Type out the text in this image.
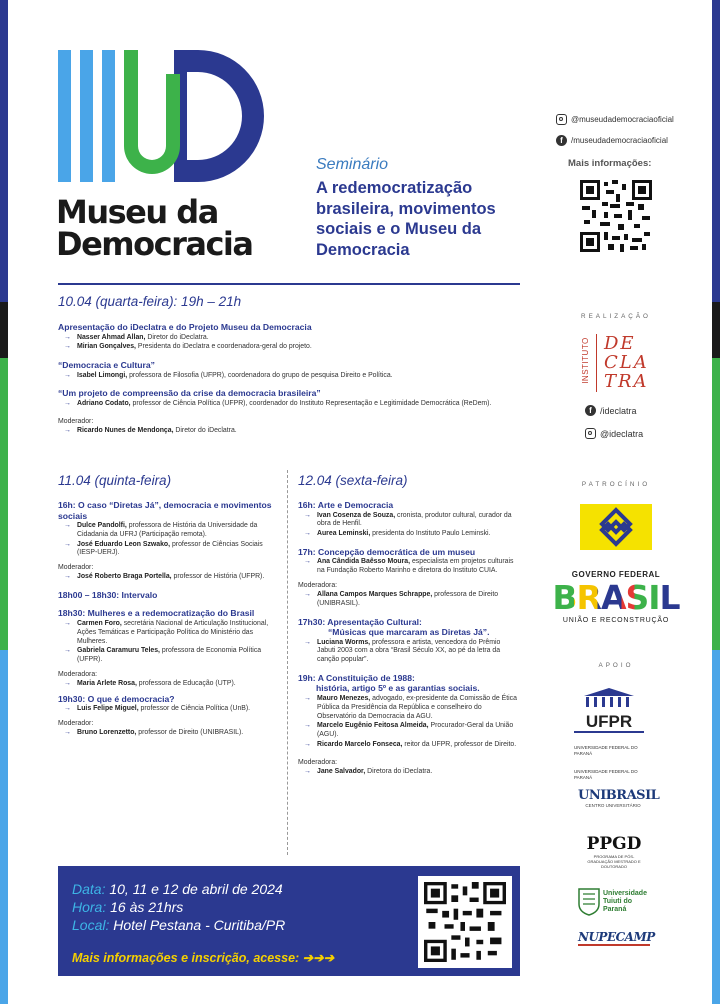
Museu da Democracia
Seminário
A redemocratização brasileira, movimentos sociais e o Museu da Democracia
@museudademocraciaoficial
f	/museudademocraciaoficial
Mais informações:
10.04 (quarta-feira): 19h – 21h
Apresentação do iDeclatra e do Projeto Museu da Democracia
→ Nasser Ahmad Allan, Diretor do iDeclatra.
→ Mirian Gonçalves, Presidenta do iDeclatra e coordenadora-geral do projeto.
“Democracia e Cultura”
→ Isabel Limongi, professora de Filosofia (UFPR), coordenadora do grupo de pesquisa Direito e Política.
“Um projeto de compreensão da crise da democracia brasileira”
→ Adriano Codato, professor de Ciência Política (UFPR), coordenador do Instituto Representação e Legitimidade Democrática (ReDem).
Moderador:
→ Ricardo Nunes de Mendonça, Diretor do iDeclatra.
11.04 (quinta-feira)
16h: O caso “Diretas Já”, democracia e movimentos sociais
→ Dulce Pandolfi, professora de História da Universidade da Cidadania da UFRJ (Participação remota).
→ José Eduardo Leon Szwako, professor de Ciências Sociais (IESP-UERJ).
Moderador:
→ José Roberto Braga Portella, professor de História (UFPR).
18h00 – 18h30: Intervalo
18h30: Mulheres e a redemocratização do Brasil
→ Carmen Foro, secretária Nacional de Articulação Institucional, Ações Temáticas e Participação Política do Ministério das Mulheres.
→ Gabriela Caramuru Teles, professora de Economia Política (UFPR).
Moderadora:
→ Maria Arlete Rosa, professora de Educação (UTP).
19h30: O que é democracia?
→ Luis Felipe Miguel, professor de Ciência Política (UnB).
Moderador:
→ Bruno Lorenzetto, professor de Direito (UNIBRASIL).
12.04 (sexta-feira)
16h: Arte e Democracia
→ Ivan Cosenza de Souza, cronista, produtor cultural, curador da obra de Henfil.
→ Aurea Leminski, presidenta do Instituto Paulo Leminski.
17h: Concepção democrática de um museu
→ Ana Cândida Baêsso Moura, especialista em projetos culturais na Fundação Roberto Marinho e diretora do Instituto CUIA.
Moderadora:
→ Allana Campos Marques Schrappe, professora de Direito (UNIBRASIL).
17h30: Apresentação Cultural:
“Músicas que marcaram as Diretas Já”.
→ Luciana Worms, professora e artista, vencedora do Prêmio Jabuti 2003 com a obra “Brasil Século XX, ao pé da letra da canção popular”.
19h: A Constituição de 1988:
história, artigo 5º e as garantias sociais.
→ Mauro Menezes, advogado, ex-presidente da Comissão de Ética Pública da Presidência da República e conselheiro do Observatório da Democracia da AGU.
→ Marcelo Eugênio Feitosa Almeida, Procurador-Geral da União (AGU).
→ Ricardo Marcelo Fonseca, reitor da UFPR, professor de Direito.
Moderadora:
→ Jane Salvador, Diretora do iDeclatra.
Data: 10, 11 e 12 de abril de 2024
Hora: 16 às 21hrs
Local: Hotel Pestana - Curitiba/PR
Mais informações e inscrição, acesse: ➔➔➔
REALIZAÇÃO
INSTITUTO DE
CLA
TRA
f /ideclatra
@ideclatra
PATROCÍNIO
GOVERNO FEDERAL
BRASIL
UNIÃO E RECONSTRUÇÃO
APOIO
UFPR
UNIVERSIDADE FEDERAL DO PARANÁ
UNIVERSIDADE FEDERAL DO PARANÁ
UNIBRASIL
CENTRO UNIVERSITÁRIO
PPGD
PROGRAMA DE PÓS-GRADUAÇÃO MESTRADO E DOUTORADO
Universidade Tuiuti do Paraná
NUPECAMP
